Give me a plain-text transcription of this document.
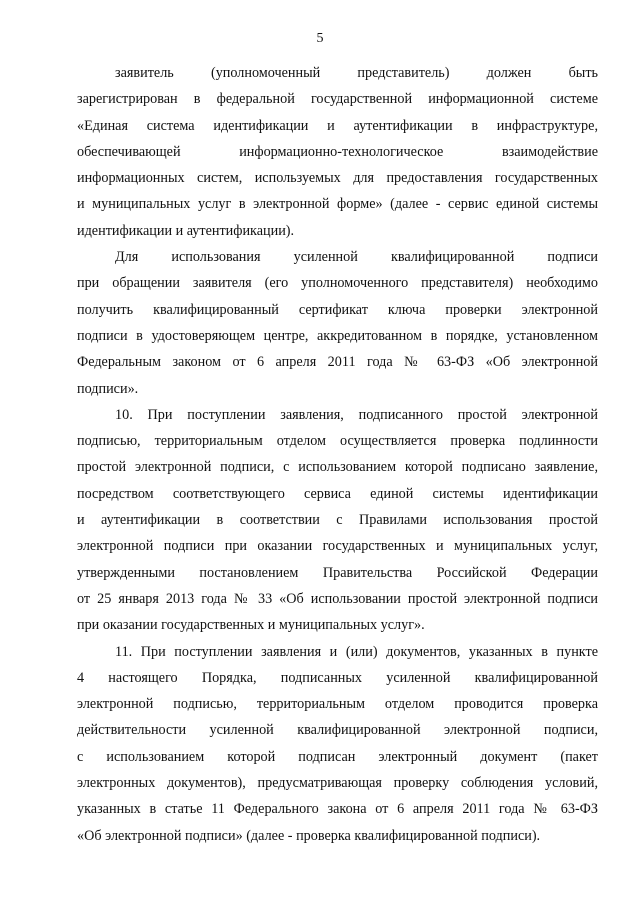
5
заявитель (уполномоченный представитель) должен быть
зарегистрирован в федеральной государственной информационной системе
«Единая система идентификации и аутентификации в инфраструктуре,
обеспечивающей информационно-технологическое взаимодействие
информационных систем, используемых для предоставления государственных
и муниципальных услуг в электронной форме» (далее - сервис единой системы
идентификации и аутентификации).
Для использования усиленной квалифицированной подписи
при обращении заявителя (его уполномоченного представителя) необходимо
получить квалифицированный сертификат ключа проверки электронной
подписи в удостоверяющем центре, аккредитованном в порядке, установленном
Федеральным законом от 6 апреля 2011 года № 63-ФЗ «Об электронной
подписи».
10. При поступлении заявления, подписанного простой электронной
подписью, территориальным отделом осуществляется проверка подлинности
простой электронной подписи, с использованием которой подписано заявление,
посредством соответствующего сервиса единой системы идентификации
и аутентификации в соответствии с Правилами использования простой
электронной подписи при оказании государственных и муниципальных услуг,
утвержденными постановлением Правительства Российской Федерации
от 25 января 2013 года № 33 «Об использовании простой электронной подписи
при оказании государственных и муниципальных услуг».
11. При поступлении заявления и (или) документов, указанных в пункте
4 настоящего Порядка, подписанных усиленной квалифицированной
электронной подписью, территориальным отделом проводится проверка
действительности усиленной квалифицированной электронной подписи,
с использованием которой подписан электронный документ (пакет
электронных документов), предусматривающая проверку соблюдения условий,
указанных в статье 11 Федерального закона от 6 апреля 2011 года № 63-ФЗ
«Об электронной подписи» (далее - проверка квалифицированной подписи).
